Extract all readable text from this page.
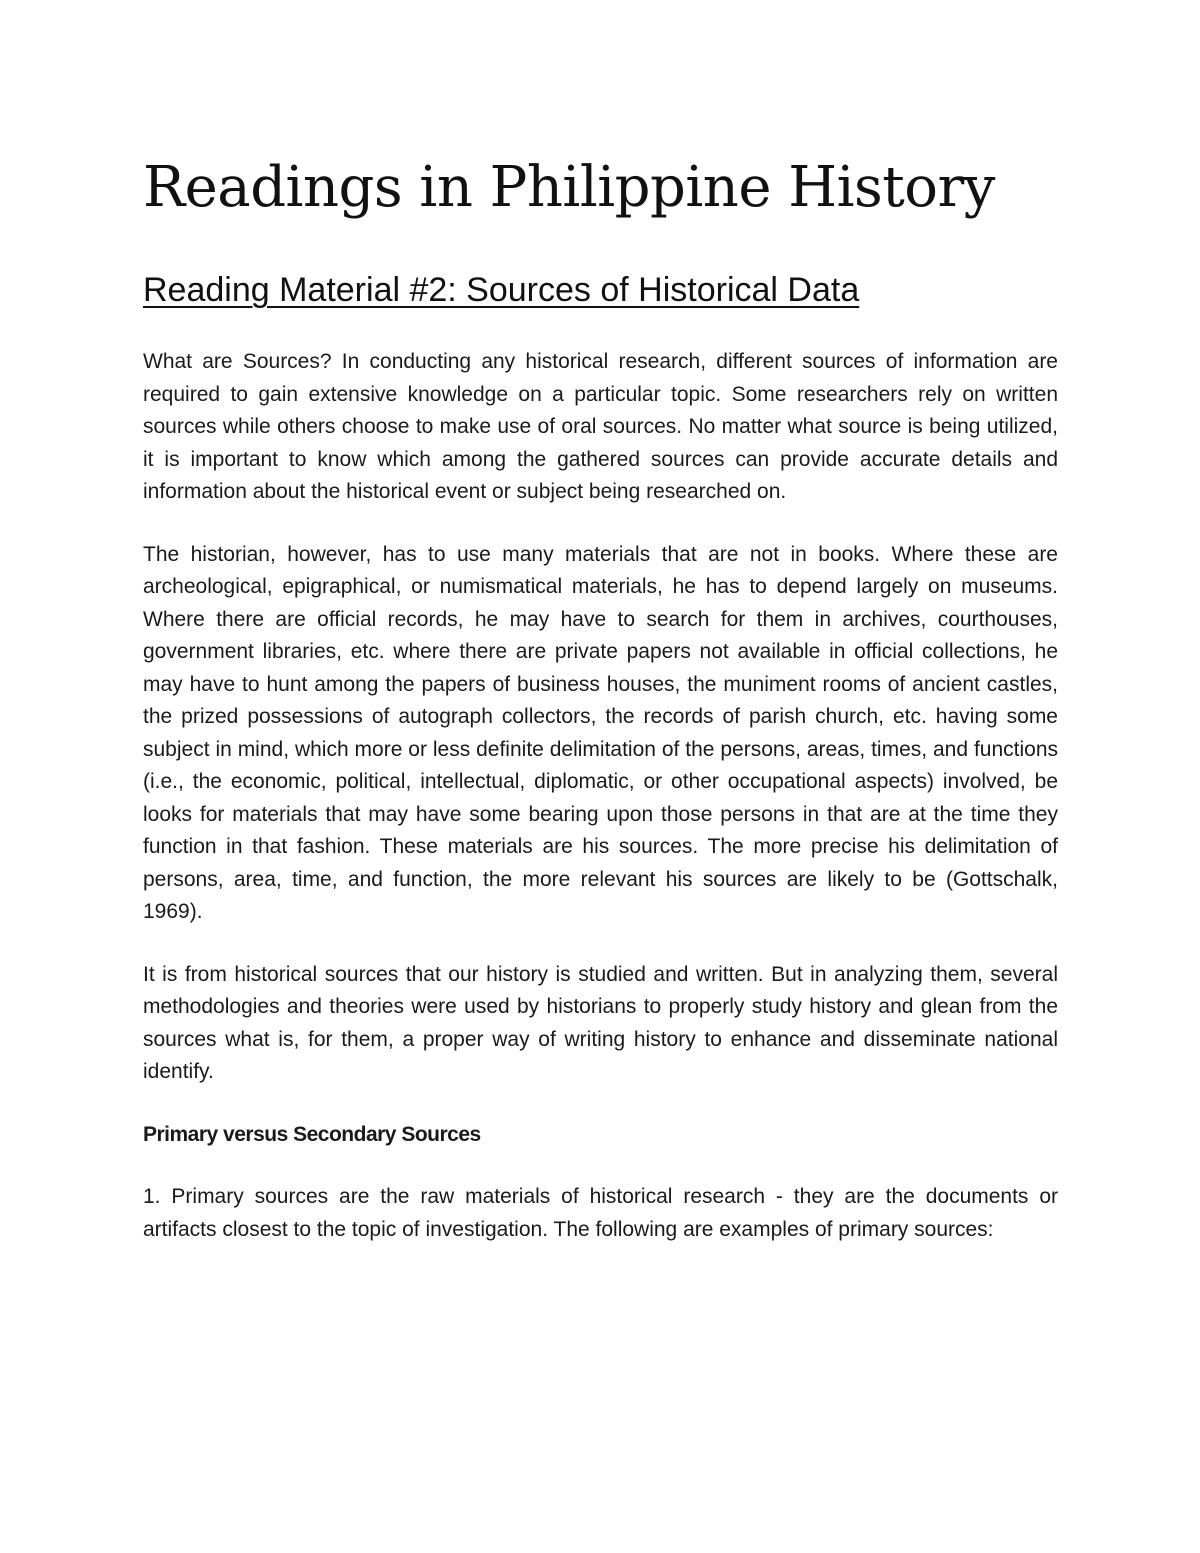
Readings in Philippine History
Reading Material #2: Sources of Historical Data

What are Sources? In conducting any historical research, different sources of information are required to gain extensive knowledge on a particular topic. Some researchers rely on written sources while others choose to make use of oral sources. No matter what source is being utilized, it is important to know which among the gathered sources can provide accurate details and information about the historical event or subject being researched on.

The historian, however, has to use many materials that are not in books. Where these are archeological, epigraphical, or numismatical materials, he has to depend largely on museums. Where there are official records, he may have to search for them in archives, courthouses, government libraries, etc. where there are private papers not available in official collections, he may have to hunt among the papers of business houses, the muniment rooms of ancient castles, the prized possessions of autograph collectors, the records of parish church, etc. having some subject in mind, which more or less definite delimitation of the persons, areas, times, and functions (i.e., the economic, political, intellectual, diplomatic, or other occupational aspects) involved, be looks for materials that may have some bearing upon those persons in that are at the time they function in that fashion. These materials are his sources. The more precise his delimitation of persons, area, time, and function, the more relevant his sources are likely to be (Gottschalk, 1969).

It is from historical sources that our history is studied and written. But in analyzing them, several methodologies and theories were used by historians to properly study history and glean from the sources what is, for them, a proper way of writing history to enhance and disseminate national identify.

Primary versus Secondary Sources

1. Primary sources are the raw materials of historical research - they are the documents or artifacts closest to the topic of investigation. The following are examples of primary sources:
